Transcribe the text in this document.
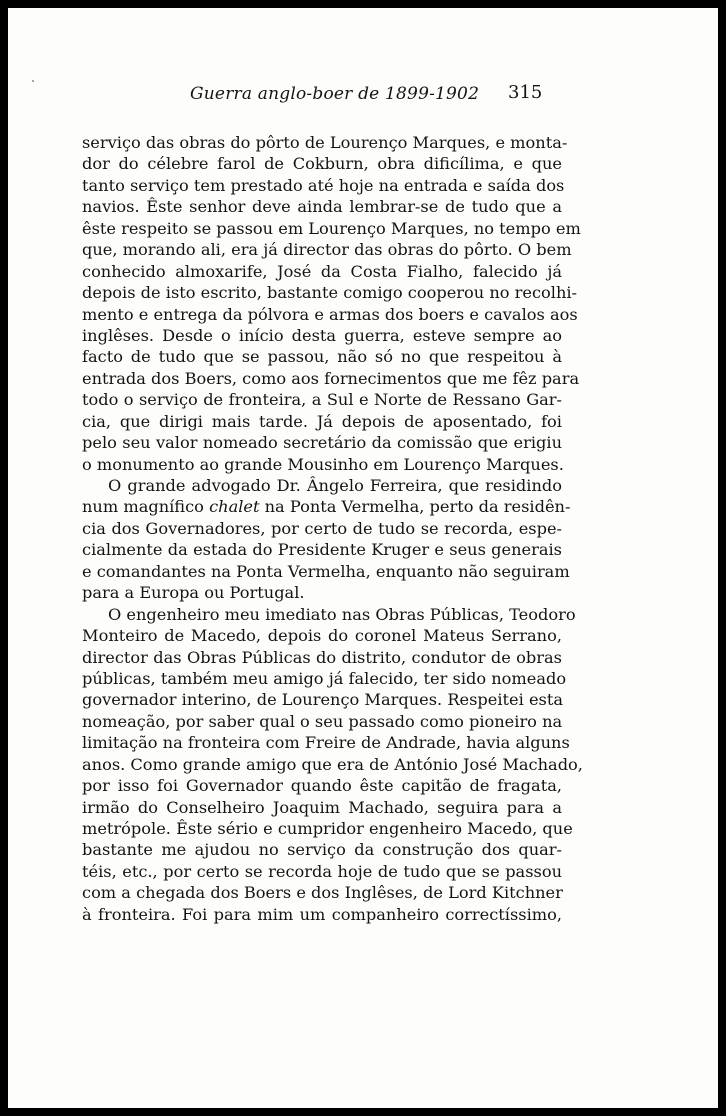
Guerra anglo-boer de 1899-1902 315
serviço das obras do pôrto de Lourenço Marques, e monta-
dor do célebre farol de Cokburn, obra dificílima, e que
tanto serviço tem prestado até hoje na entrada e saída dos
navios. Êste senhor deve ainda lembrar-se de tudo que a
êste respeito se passou em Lourenço Marques, no tempo em
que, morando ali, era já director das obras do pôrto. O bem
conhecido almoxarife, José da Costa Fialho, falecido já
depois de isto escrito, bastante comigo cooperou no recolhi-
mento e entrega da pólvora e armas dos boers e cavalos aos
inglêses. Desde o início desta guerra, esteve sempre ao
facto de tudo que se passou, não só no que respeitou à
entrada dos Boers, como aos fornecimentos que me fêz para
todo o serviço de fronteira, a Sul e Norte de Ressano Gar-
cia, que dirigi mais tarde. Já depois de aposentado, foi
pelo seu valor nomeado secretário da comissão que erigiu
o monumento ao grande Mousinho em Lourenço Marques.
O grande advogado Dr. Ângelo Ferreira, que residindo
num magnífico chalet na Ponta Vermelha, perto da residên-
cia dos Governadores, por certo de tudo se recorda, espe-
cialmente da estada do Presidente Kruger e seus generais
e comandantes na Ponta Vermelha, enquanto não seguiram
para a Europa ou Portugal.
O engenheiro meu imediato nas Obras Públicas, Teodoro
Monteiro de Macedo, depois do coronel Mateus Serrano,
director das Obras Públicas do distrito, condutor de obras
públicas, também meu amigo já falecido, ter sido nomeado
governador interino, de Lourenço Marques. Respeitei esta
nomeação, por saber qual o seu passado como pioneiro na
limitação na fronteira com Freire de Andrade, havia alguns
anos. Como grande amigo que era de António José Machado,
por isso foi Governador quando êste capitão de fragata,
irmão do Conselheiro Joaquim Machado, seguira para a
metrópole. Êste sério e cumpridor engenheiro Macedo, que
bastante me ajudou no serviço da construção dos quar-
téis, etc., por certo se recorda hoje de tudo que se passou
com a chegada dos Boers e dos Inglêses, de Lord Kitchner
à fronteira. Foi para mim um companheiro correctíssimo,
